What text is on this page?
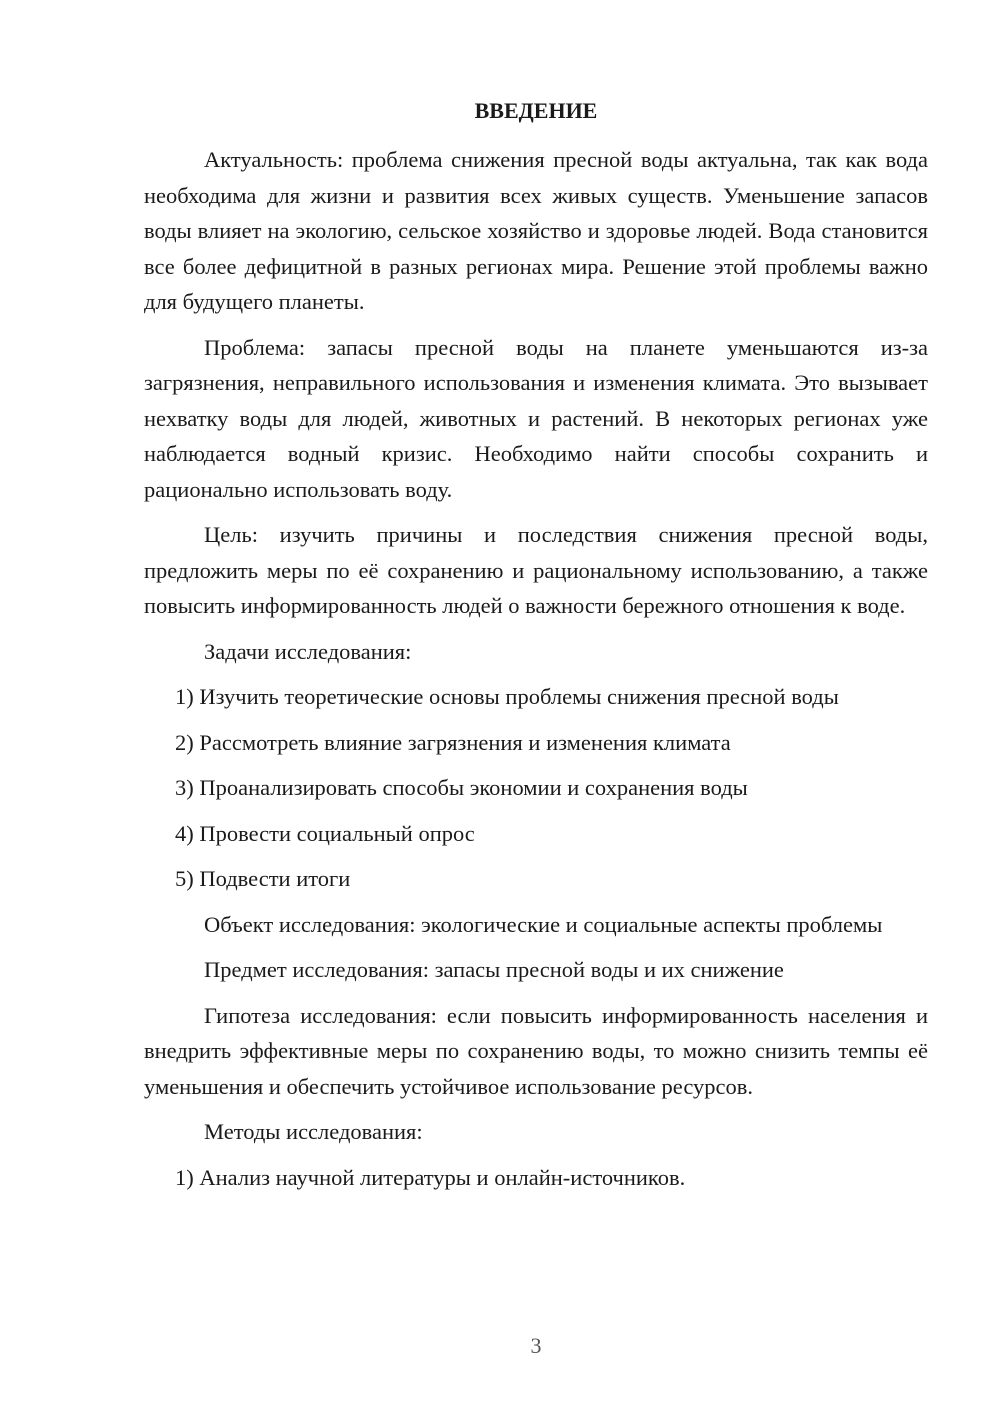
ВВЕДЕНИЕ

Актуальность: проблема снижения пресной воды актуальна, так как вода необходима для жизни и развития всех живых существ. Уменьшение запасов воды влияет на экологию, сельское хозяйство и здоровье людей. Вода становится все более дефицитной в разных регионах мира. Решение этой проблемы важно для будущего планеты.

Проблема: запасы пресной воды на планете уменьшаются из-за загрязнения, неправильного использования и изменения климата. Это вызывает нехватку воды для людей, животных и растений. В некоторых регионах уже наблюдается водный кризис. Необходимо найти способы сохранить и рационально использовать воду.

Цель: изучить причины и последствия снижения пресной воды, предложить меры по её сохранению и рациональному использованию, а также повысить информированность людей о важности бережного отношения к воде.

Задачи исследования:

1) Изучить теоретические основы проблемы снижения пресной воды
2) Рассмотреть влияние загрязнения и изменения климата
3) Проанализировать способы экономии и сохранения воды
4) Провести социальный опрос
5) Подвести итоги

Объект исследования: экологические и социальные аспекты проблемы

Предмет исследования: запасы пресной воды и их снижение

Гипотеза исследования: если повысить информированность населения и внедрить эффективные меры по сохранению воды, то можно снизить темпы её уменьшения и обеспечить устойчивое использование ресурсов.

Методы исследования:

1) Анализ научной литературы и онлайн-источников.
3
